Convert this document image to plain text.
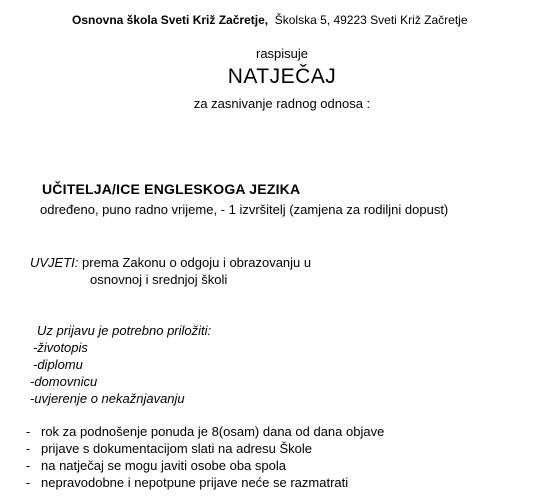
Osnovna škola Sveti Križ Začretje, Školska 5, 49223 Sveti Križ Začretje
raspisuje
NATJEČAJ
za zasnivanje radnog odnosa :
UČITELJA/ICE ENGLESKOGA JEZIKA
određeno, puno radno vrijeme, - 1 izvršitelj (zamjena za rodiljni dopust)
UVJETI: prema Zakonu o odgoju i obrazovanju u
osnovnoj i srednjoj školi
Uz prijavu je potrebno priložiti:
-životopis
-diplomu
-domovnicu
-uvjerenje o nekažnjavanju
- rok za podnošenje ponuda je 8(osam) dana od dana objave
- prijave s dokumentacijom slati na adresu Škole
- na natječaj se mogu javiti osobe oba spola
- nepravodobne i nepotpune prijave neće se razmatrati
